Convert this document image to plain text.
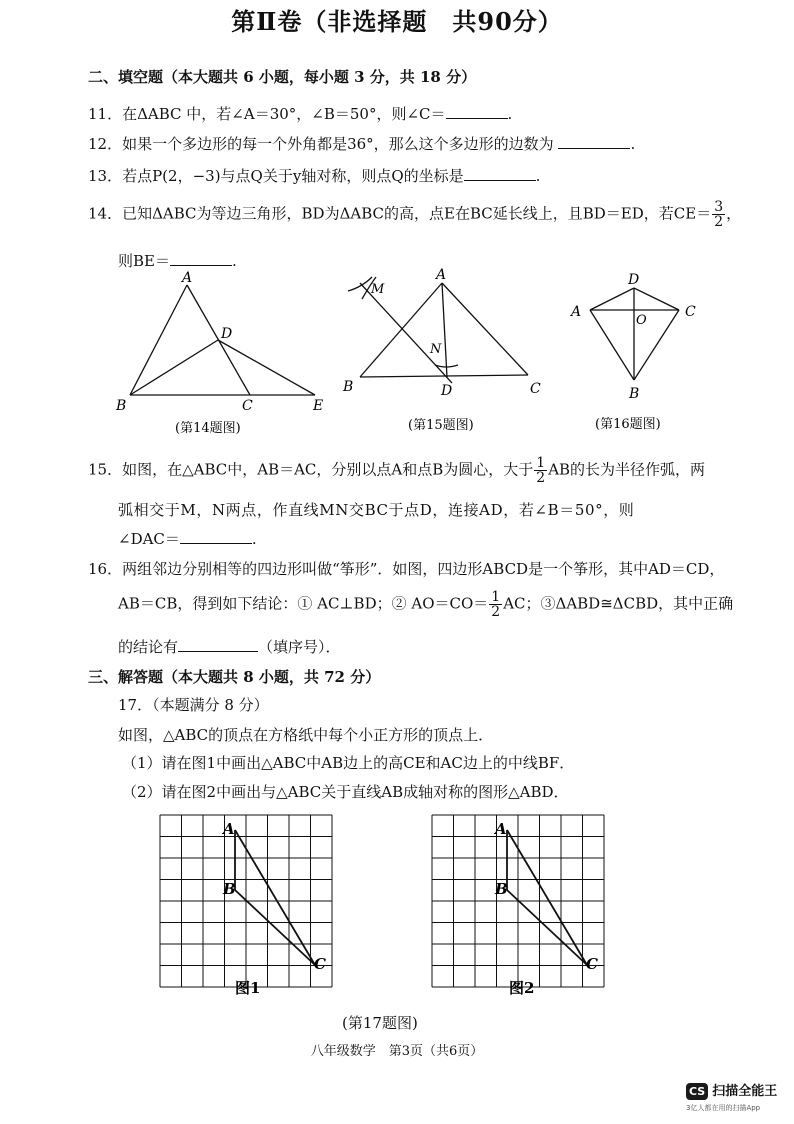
第Ⅱ卷（非选择题　共90分）
二、填空题（本大题共 6 小题，每小题 3 分，共 18 分）
11．在ΔABC 中，若∠A＝30°，∠B＝50°，则∠C＝	.
12．如果一个多边形的每一个外角都是36°，那么这个多边形的边数为	.
13．若点P(2，−3)与点Q关于y轴对称，则点Q的坐标是	.
14．已知ΔABC为等边三角形，BD为ΔABC的高，点E在BC延长线上，且BD＝ED，若$CE= \frac{3}{2}$ ，
则BE＝	.
A
D
B	C	E
(第14题图)
M
A
N
B	D	C
(第15题图)
D
A
O
C
B
(第16题图)
15．如图，在△ABC中，AB＝AC，分别以点A和点B为圆心，大于 $\frac{1}{2}$ AB的长为半径作弧，两
弧相交于M，N两点，作直线MN交BC于点D，连接AD，若∠B＝50°，则
∠DAC＝	.
16．两组邻边分别相等的四边形叫做“筝形”．如图，四边形ABCD是一个筝形，其中AD＝CD，
AB＝CB，得到如下结论：① AC⊥BD；② $AO=CO= \frac{1}{2}$ AC；③ΔABD≅ΔCBD，其中正确
的结论有	（填序号）．
三、解答题（本大题共 8 小题，共 72 分）
17．（本题满分 8 分）
如图，△ABC的顶点在方格纸中每个小正方形的顶点上．
（1）请在图1中画出△ABC中AB边上的高CE和AC边上的中线BF．
（2）请在图2中画出与△ABC关于直线AB成轴对称的图形△ABD．
A
B
C
图1
A
B
C
图2
(第17题图)
八年级数学　第3页（共6页）
CS 扫描全能王
3亿人都在用的扫描App
